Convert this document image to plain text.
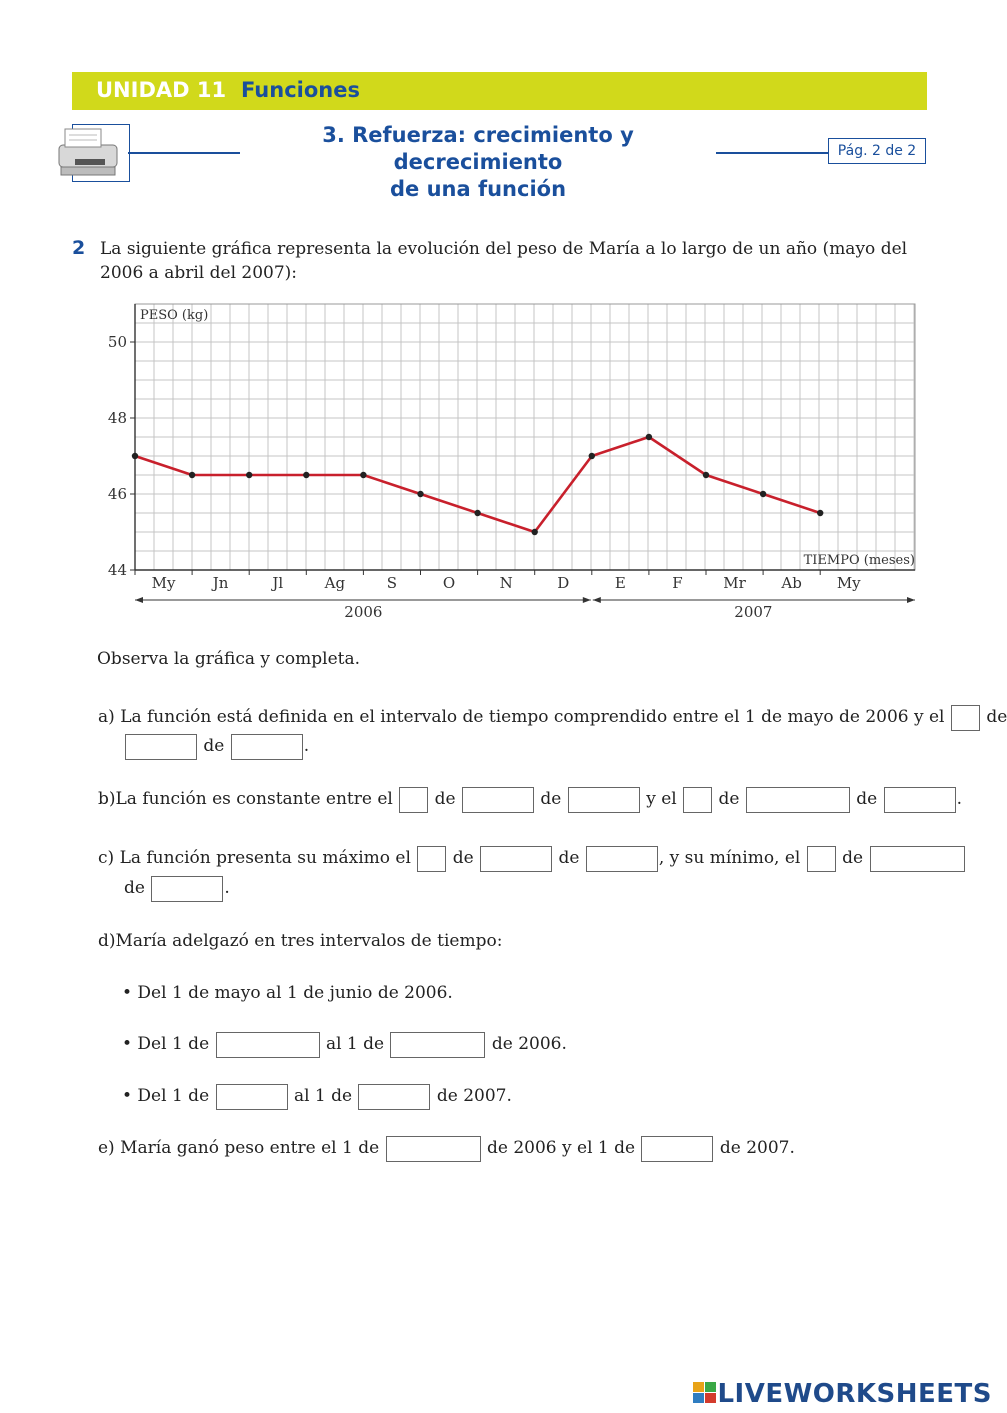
UNIDAD 11 Funciones
3. Refuerza: crecimiento y decrecimiento
de una función
Pág. 2 de 2
2 La siguiente gráfica representa la evolución del peso de María a lo largo de un año (mayo del 2006 a abril del 2007):
44
46
48
50
PESO (kg)
TIEMPO (meses)
My Jn	Jl	Ag	S	O	N	D	E	F	Mr Ab My
2006	2007
Observa la gráfica y completa.
a) La función está definida en el intervalo de tiempo comprendido entre el 1 de mayo de 2006 y el de
de	.
b)La función es constante entre el de	de	y el de	de	.
c) La función presenta su máximo el de	de	, y su mínimo, el de
de	.
d)María adelgazó en tres intervalos de tiempo:
• Del 1 de mayo al 1 de junio de 2006.
• Del 1 de	al 1 de	de 2006.
• Del 1 de	al 1 de	de 2007.
e) María ganó peso entre el 1 de	de 2006 y el 1 de	de 2007.
LIVEWORKSHEETS
